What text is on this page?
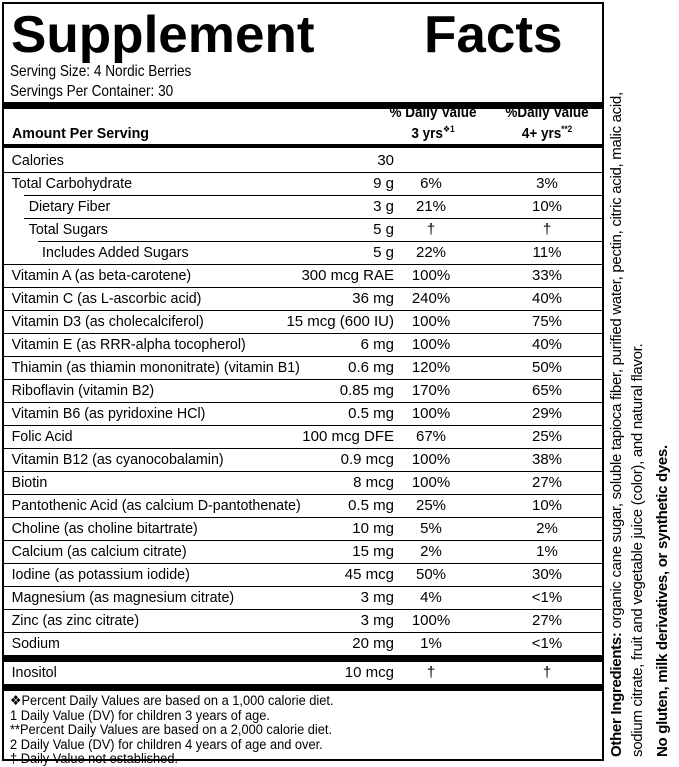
Supplement Facts
Serving Size: 4 Nordic Berries
Servings Per Container: 30
Amount Per Serving
% Daily Value
3 yrs$^{❖1}$
%Daily Value
4+ yrs$^{**2}$
Calories	30
Total Carbohydrate	9 g	6%	3%
Dietary Fiber	3 g	21%	10%
Total Sugars	5 g	†	†
Includes Added Sugars	5 g	22%	11%
Vitamin A (as beta-carotene)	300 mcg RAE	100%	33%
Vitamin C (as L-ascorbic acid)	36 mg	240%	40%
Vitamin D3 (as cholecalciferol)	15 mcg (600 IU)	100%	75%
Vitamin E (as RRR-alpha tocopherol)	6 mg	100%	40%
Thiamin (as thiamin mononitrate) (vitamin B1)	0.6 mg	120%	50%
Riboflavin (vitamin B2)	0.85 mg	170%	65%
Vitamin B6 (as pyridoxine HCl)	0.5 mg	100%	29%
Folic Acid	100 mcg DFE	67%	25%
Vitamin B12 (as cyanocobalamin)	0.9 mcg	100%	38%
Biotin	8 mcg	100%	27%
Pantothenic Acid (as calcium D-pantothenate)	0.5 mg	25%	10%
Choline (as choline bitartrate)	10 mg	5%	2%
Calcium (as calcium citrate)	15 mg	2%	1%
Iodine (as potassium iodide)	45 mcg	50%	30%
Magnesium (as magnesium citrate)	3 mg	4%	<1%
Zinc (as zinc citrate)	3 mg	100%	27%
Sodium	20 mg	1%	<1%
Inositol	10 mcg	†	†
❖Percent Daily Values are based on a 1,000 calorie diet.
1 Daily Value (DV) for children 3 years of age.
**Percent Daily Values are based on a 2,000 calorie diet.
2 Daily Value (DV) for children 4 years of age and over.
† Daily Value not established.
Other Ingredients: organic cane sugar, soluble tapioca fiber, purified water, pectin, citric acid, malic acid, sodium citrate, fruit and vegetable juice (color), and natural flavor. No gluten, milk derivatives, or synthetic dyes.
